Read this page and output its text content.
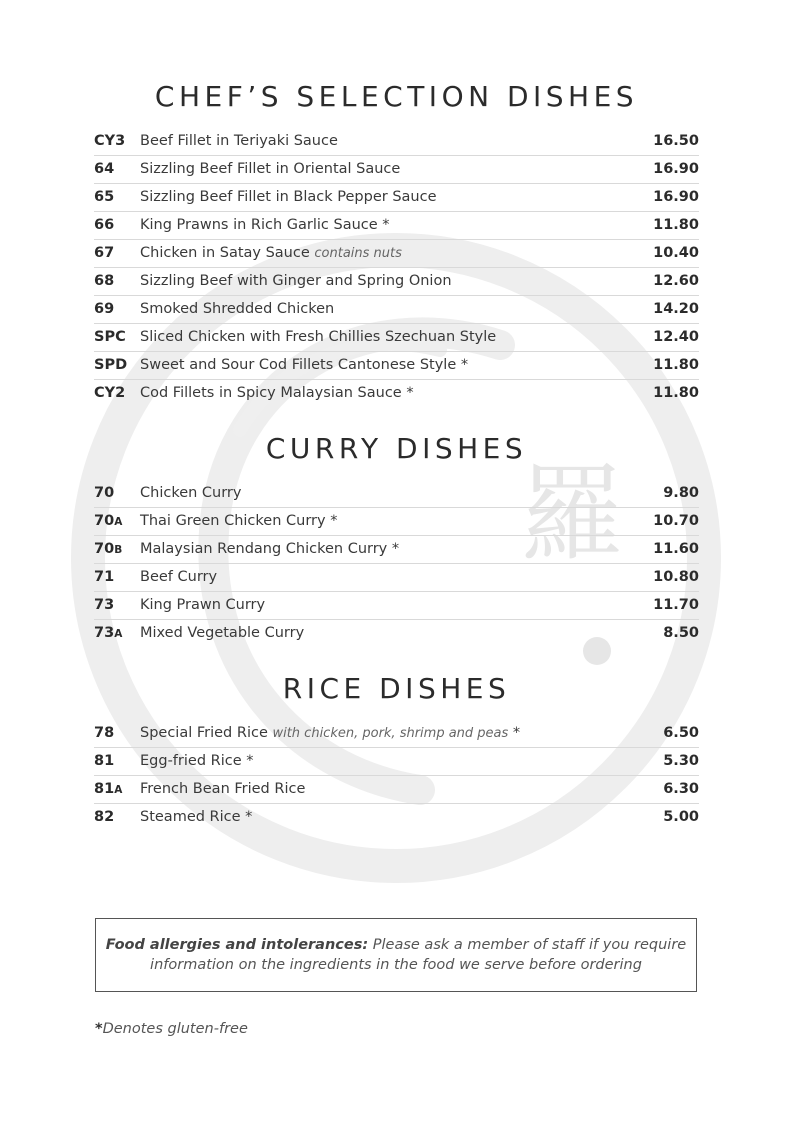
羅
CHEF’S SELECTION DISHES
CY3	Beef Fillet in Teriyaki Sauce	16.50
64	Sizzling Beef Fillet in Oriental Sauce	16.90
65	Sizzling Beef Fillet in Black Pepper Sauce	16.90
66	King Prawns in Rich Garlic Sauce *	11.80
67	Chicken in Satay Sauce contains nuts	10.40
68	Sizzling Beef with Ginger and Spring Onion	12.60
69	Smoked Shredded Chicken	14.20
SPC Sliced Chicken with Fresh Chillies Szechuan Style	12.40
SPD Sweet and Sour Cod Fillets Cantonese Style *	11.80
CY2	Cod Fillets in Spicy Malaysian Sauce *	11.80
CURRY DISHES
70	Chicken Curry	9.80
70A	Thai Green Chicken Curry *	10.70
70B	Malaysian Rendang Chicken Curry *	11.60
71	Beef Curry	10.80
73	King Prawn Curry	11.70
73A	Mixed Vegetable Curry	8.50
RICE DISHES
78	Special Fried Rice with chicken, pork, shrimp and peas *	6.50
81	Egg-fried Rice *	5.30
81A	French Bean Fried Rice	6.30
82	Steamed Rice *	5.00
Food allergies and intolerances: Please ask a member of staff if you require
information on the ingredients in the food we serve before ordering
*Denotes gluten-free
